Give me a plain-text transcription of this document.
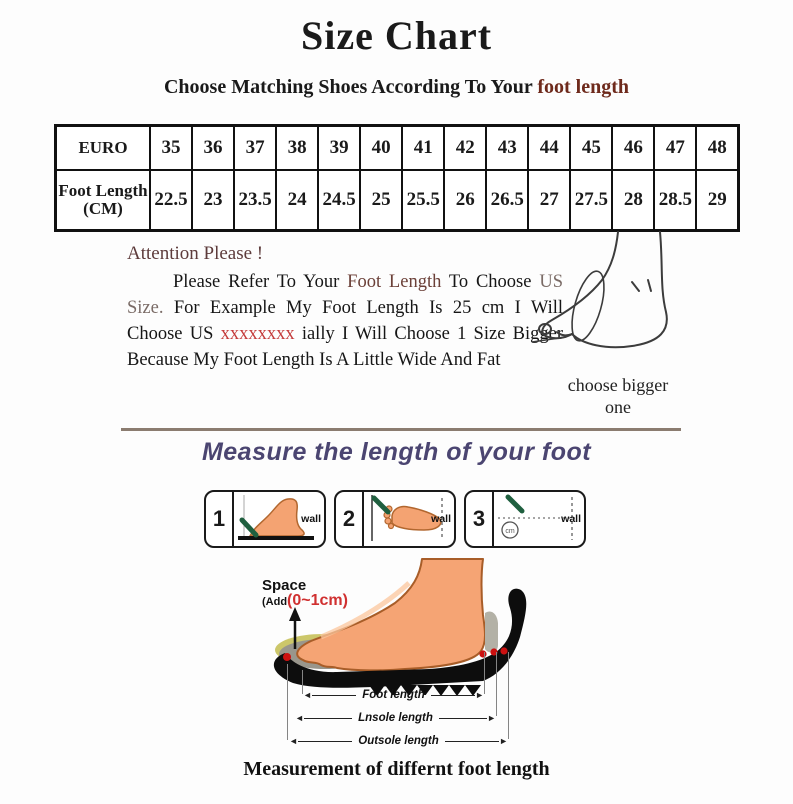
Size Chart
Choose Matching Shoes According To Your foot length
EURO	35	36	37	38	39	40	41	42	43	44	45	46	47	48
Foot Length (CM)	22.5	23	23.5	24	24.5	25	25.5	26	26.5	27	27.5	28	28.5	29
Attention Please !

Please Refer To Your Foot Length To Choose US Size. For Example My Foot Length Is 25 cm I Will Choose US xxxxxxxx ially I Will Choose 1 Size Bigger Because My Foot Length Is A Little Wide And Fat

choose bigger one
Measure the length of your foot
1	wall 2	wall 3
cm
wall
Space
(Add(0~1cm)
◄	Foot length	►
◄	Lnsole length	►
◄	Outsole length	►
Measurement of differnt foot length
